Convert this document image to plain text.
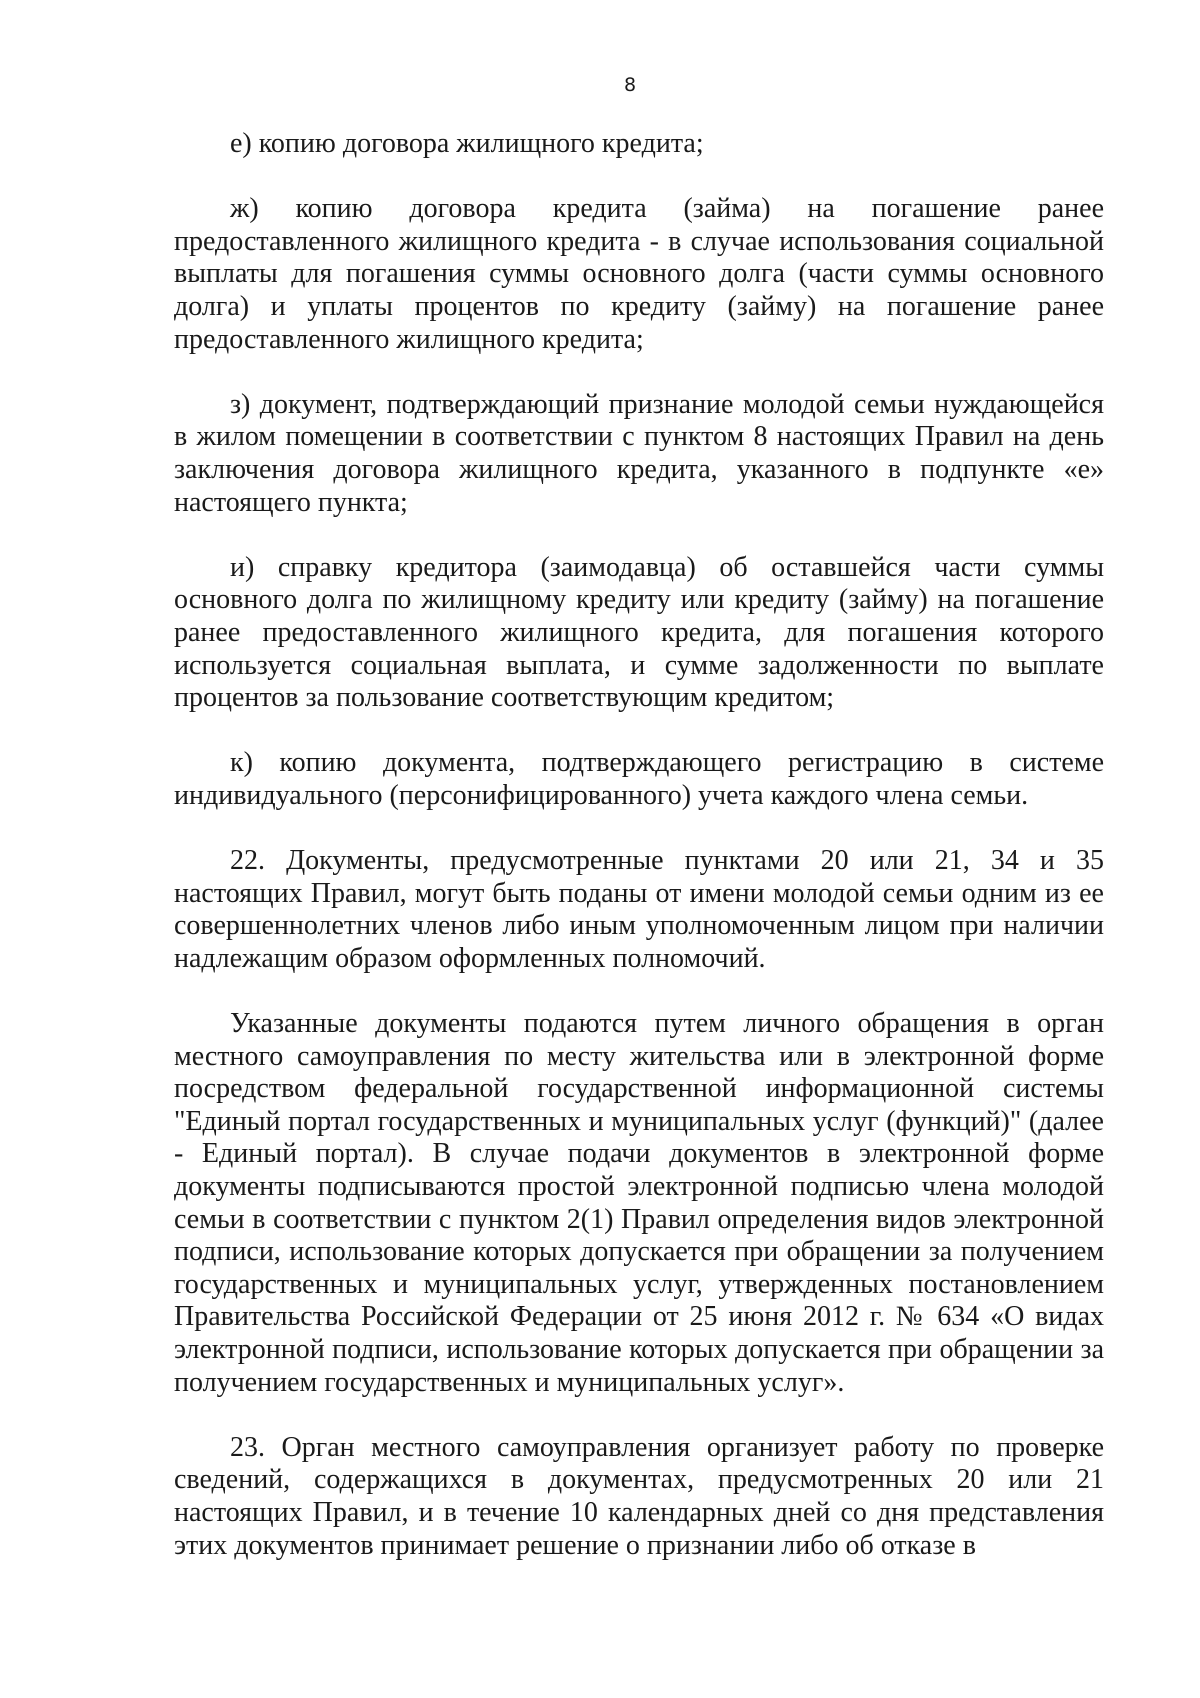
8

е) копию договора жилищного кредита;

ж) копию договора кредита (займа) на погашение ранее предоставленного жилищного кредита - в случае использования социальной выплаты для погашения суммы основного долга (части суммы основного долга) и уплаты процентов по кредиту (займу) на погашение ранее предоставленного жилищного кредита;

з) документ, подтверждающий признание молодой семьи нуждающейся в жилом помещении в соответствии с пунктом 8 настоящих Правил на день заключения договора жилищного кредита, указанного в подпункте «е» настоящего пункта;

и) справку кредитора (заимодавца) об оставшейся части суммы основного долга по жилищному кредиту или кредиту (займу) на погашение ранее предоставленного жилищного кредита, для погашения которого используется социальная выплата, и сумме задолженности по выплате процентов за пользование соответствующим кредитом;

к) копию документа, подтверждающего регистрацию в системе индивидуального (персонифицированного) учета каждого члена семьи.

22. Документы, предусмотренные пунктами 20 или 21, 34 и 35 настоящих Правил, могут быть поданы от имени молодой семьи одним из ее совершеннолетних членов либо иным уполномоченным лицом при наличии надлежащим образом оформленных полномочий.

Указанные документы подаются путем личного обращения в орган местного самоуправления по месту жительства или в электронной форме посредством федеральной государственной информационной системы "Единый портал государственных и муниципальных услуг (функций)" (далее - Единый портал). В случае подачи документов в электронной форме документы подписываются простой электронной подписью члена молодой семьи в соответствии с пунктом 2(1) Правил определения видов электронной подписи, использование которых допускается при обращении за получением государственных и муниципальных услуг, утвержденных постановлением Правительства Российской Федерации от 25 июня 2012 г. № 634 «О видах электронной подписи, использование которых допускается при обращении за получением государственных и муниципальных услуг».

23. Орган местного самоуправления организует работу по проверке сведений, содержащихся в документах, предусмотренных 20 или 21 настоящих Правил, и в течение 10 календарных дней со дня представления этих документов принимает решение о признании либо об отказе в
